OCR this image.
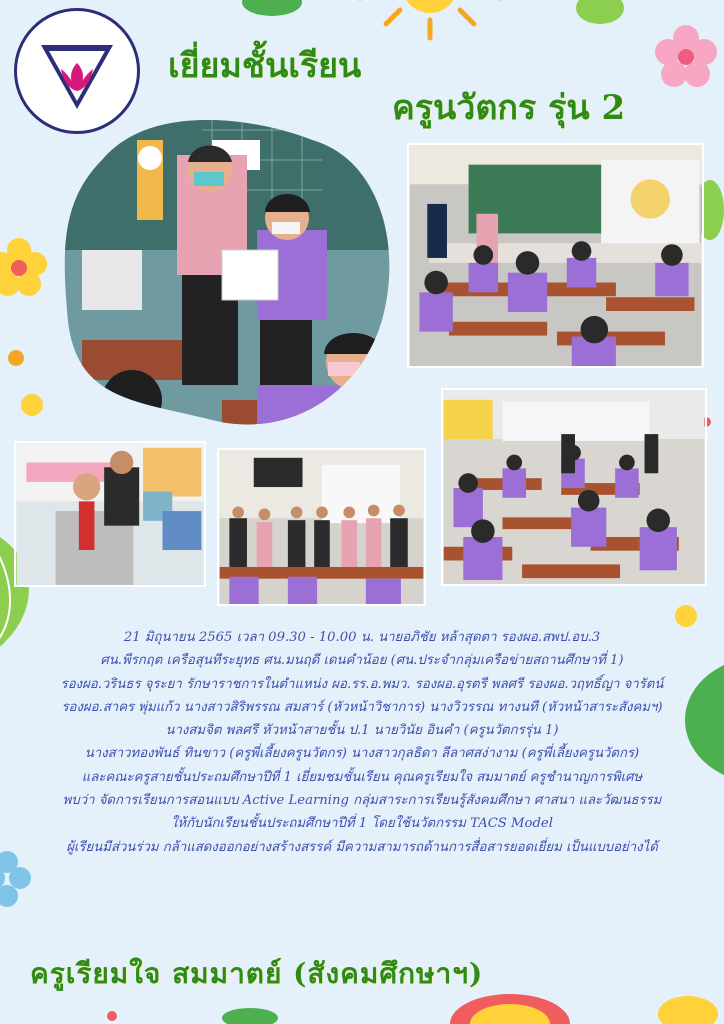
เยี่ยมชั้นเรียน
ครูนวัตกร รุ่น 2
21 มิถุนายน 2565 เวลา 09.30 - 10.00 น. นายอภิชัย หล้าสุดตา รองผอ.สพป.อบ.3
ศน.พีรกฤต เครือสุนทีระยุทธ ศน.มนฤดี เดนคำน้อย (ศน.ประจำกลุ่มเครือข่ายสถานศึกษาที่ 1)
รองผอ.วรินธร จุระยา รักษาราชการในตำแหน่ง ผอ.รร.อ.พมว. รองผอ.อุรตรี พลศรี รองผอ.วฤทธิ์ญา จารัตน์
รองผอ.สาคร พุ่มแก้ว นางสาวสิริพรรณ สมสาร์ (หัวหน้าวิชาการ) นางวิวรรณ ทางนที (หัวหน้าสาระสังคมฯ)
นางสมจิต พลศรี หัวหน้าสายชั้น ป.1 นายวินัย อินคำ (ครูนวัตกรรุ่น 1)
นางสาวทองพันธ์ ทินขาว (ครูพี่เลี้ยงครูนวัตกร) นางสาวกุลธิดา ลีลาศสง่างาม (ครูพี่เลี้ยงครูนวัตกร)
และคณะครูสายชั้นประถมศึกษาปีที่ 1 เยี่ยมชมชั้นเรียน คุณครูเรียมใจ สมมาตย์ ครูชำนาญการพิเศษ
พบว่า จัดการเรียนการสอนแบบ Active Learning กลุ่มสาระการเรียนรู้สังคมศึกษา ศาสนา และวัฒนธรรม
ให้กับนักเรียนชั้นประถมศึกษาปีที่ 1 โดยใช้นวัตกรรม TACS Model
ผู้เรียนมีส่วนร่วม กล้าแสดงออกอย่างสร้างสรรค์ มีความสามารถด้านการสื่อสารยอดเยี่ยม เป็นแบบอย่างได้
ครูเรียมใจ สมมาตย์ (สังคมศึกษาฯ)
